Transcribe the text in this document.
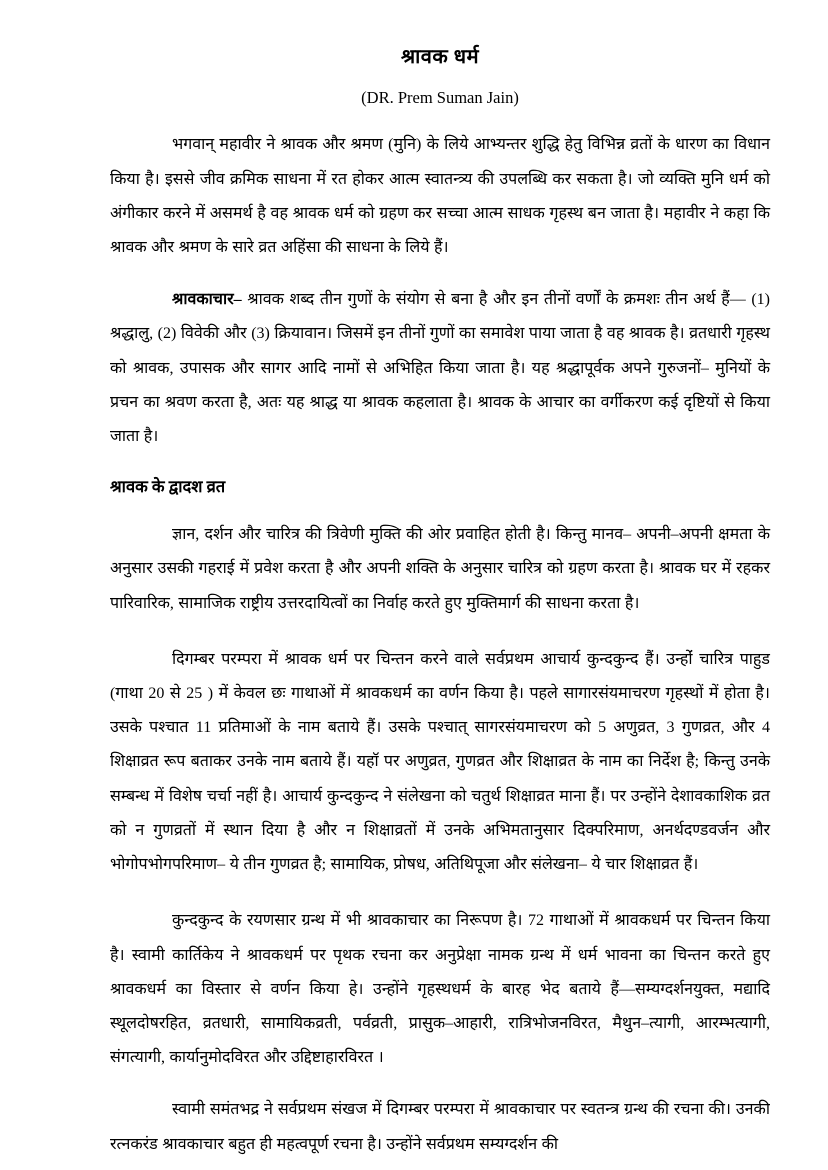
श्रावक धर्म
(DR. Prem Suman Jain)

भगवान् महावीर ने श्रावक और श्रमण (मुनि) के लिये आभ्यन्तर शुद्धि हेतु विभिन्न व्रतों के धारण का विधान किया है। इससे जीव क्रमिक साधना में रत होकर आत्म स्वातन्त्र्य की उपलब्धि कर सकता है। जो व्यक्ति मुनि धर्म को अंगीकार करने में असमर्थ है वह श्रावक धर्म को ग्रहण कर सच्चा आत्म साधक गृहस्थ बन जाता है। महावीर ने कहा कि श्रावक और श्रमण के सारे व्रत अहिंसा की साधना के लिये हैं।

श्रावकाचार– श्रावक शब्द तीन गुणों के संयोग से बना है और इन तीनों वर्णों के क्रमशः तीन अर्थ हैं— (1) श्रद्धालु, (2) विवेकी और (3) क्रियावान। जिसमें इन तीनों गुणों का समावेश पाया जाता है वह श्रावक है। व्रतधारी गृहस्थ को श्रावक, उपासक और सागर आदि नामों से अभिहित किया जाता है। यह श्रद्धापूर्वक अपने गुरुजनों– मुनियों के प्रचन का श्रवण करता है, अतः यह श्राद्ध या श्रावक कहलाता है। श्रावक के आचार का वर्गीकरण कई दृष्टियों से किया जाता है।

श्रावक के द्वादश व्रत

ज्ञान, दर्शन और चारित्र की त्रिवेणी मुक्ति की ओर प्रवाहित होती है। किन्तु मानव– अपनी–अपनी क्षमता के अनुसार उसकी गहराई में प्रवेश करता है और अपनी शक्ति के अनुसार चारित्र को ग्रहण करता है। श्रावक घर में रहकर पारिवारिक, सामाजिक राष्ट्रीय उत्तरदायित्वों का निर्वाह करते हुए मुक्तिमार्ग की साधना करता है।

दिगम्बर परम्परा में श्रावक धर्म पर चिन्तन करने वाले सर्वप्रथम आचार्य कुन्दकुन्द हैं। उन्होंं चारित्र पाहुड (गाथा 20 से 25 ) में केवल छः गाथाओं में श्रावकधर्म का वर्णन किया है। पहले सागारसंयमाचरण गृहस्थों में होता है। उसके पश्चात 11 प्रतिमाओं के नाम बताये हैं। उसके पश्चात् सागरसंयमाचरण को 5 अणुव्रत, 3 गुणव्रत, और 4 शिक्षाव्रत रूप बताकर उनके नाम बताये हैं। यहॉ पर अणुव्रत, गुणव्रत और शिक्षाव्रत के नाम का निर्देश है; किन्तु उनके सम्बन्ध में विशेष चर्चा नहीं है। आचार्य कुन्दकुन्द ने संलेखना को चतुर्थ शिक्षाव्रत माना हैं। पर उन्होंने देशावकाशिक व्रत को न गुणव्रतों में स्थान दिया है और न शिक्षाव्रतों में उनके अभिमतानुसार दिक्परिमाण, अनर्थदण्डवर्जन और भोगोपभोगपरिमाण– ये तीन गुणव्रत है; सामायिक, प्रोषध, अतिथिपूजा और संलेखना– ये चार शिक्षाव्रत हैं।

कुन्दकुन्द के रयणसार ग्रन्थ में भी श्रावकाचार का निरूपण है। 72 गाथाओं में श्रावकधर्म पर चिन्तन किया है। स्वामी कार्तिकेय ने श्रावकधर्म पर पृथक रचना कर अनुप्रेक्षा नामक ग्रन्थ में धर्म भावना का चिन्तन करते हुए श्रावकधर्म का विस्तार से वर्णन किया हे। उन्होंने गृहस्थधर्म के बारह भेद बताये हैं—सम्यग्दर्शनयुक्त, मद्यादि स्थूलदोषरहित, व्रतधारी, सामायिकव्रती, पर्वव्रती, प्रासुक–आहारी, रात्रिभोजनविरत, मैथुन–त्यागी, आरम्भत्यागी, संगत्यागी, कार्यानुमोदविरत और उद्दिष्टाहारविरत ।

स्वामी समंतभद्र ने सर्वप्रथम संखज में दिगम्बर परम्परा में श्रावकाचार पर स्वतन्त्र ग्रन्थ की रचना की। उनकी रत्नकरंड श्रावकाचार बहुत ही महत्वपूर्ण रचना है। उन्होंने सर्वप्रथम सम्यग्दर्शन की
